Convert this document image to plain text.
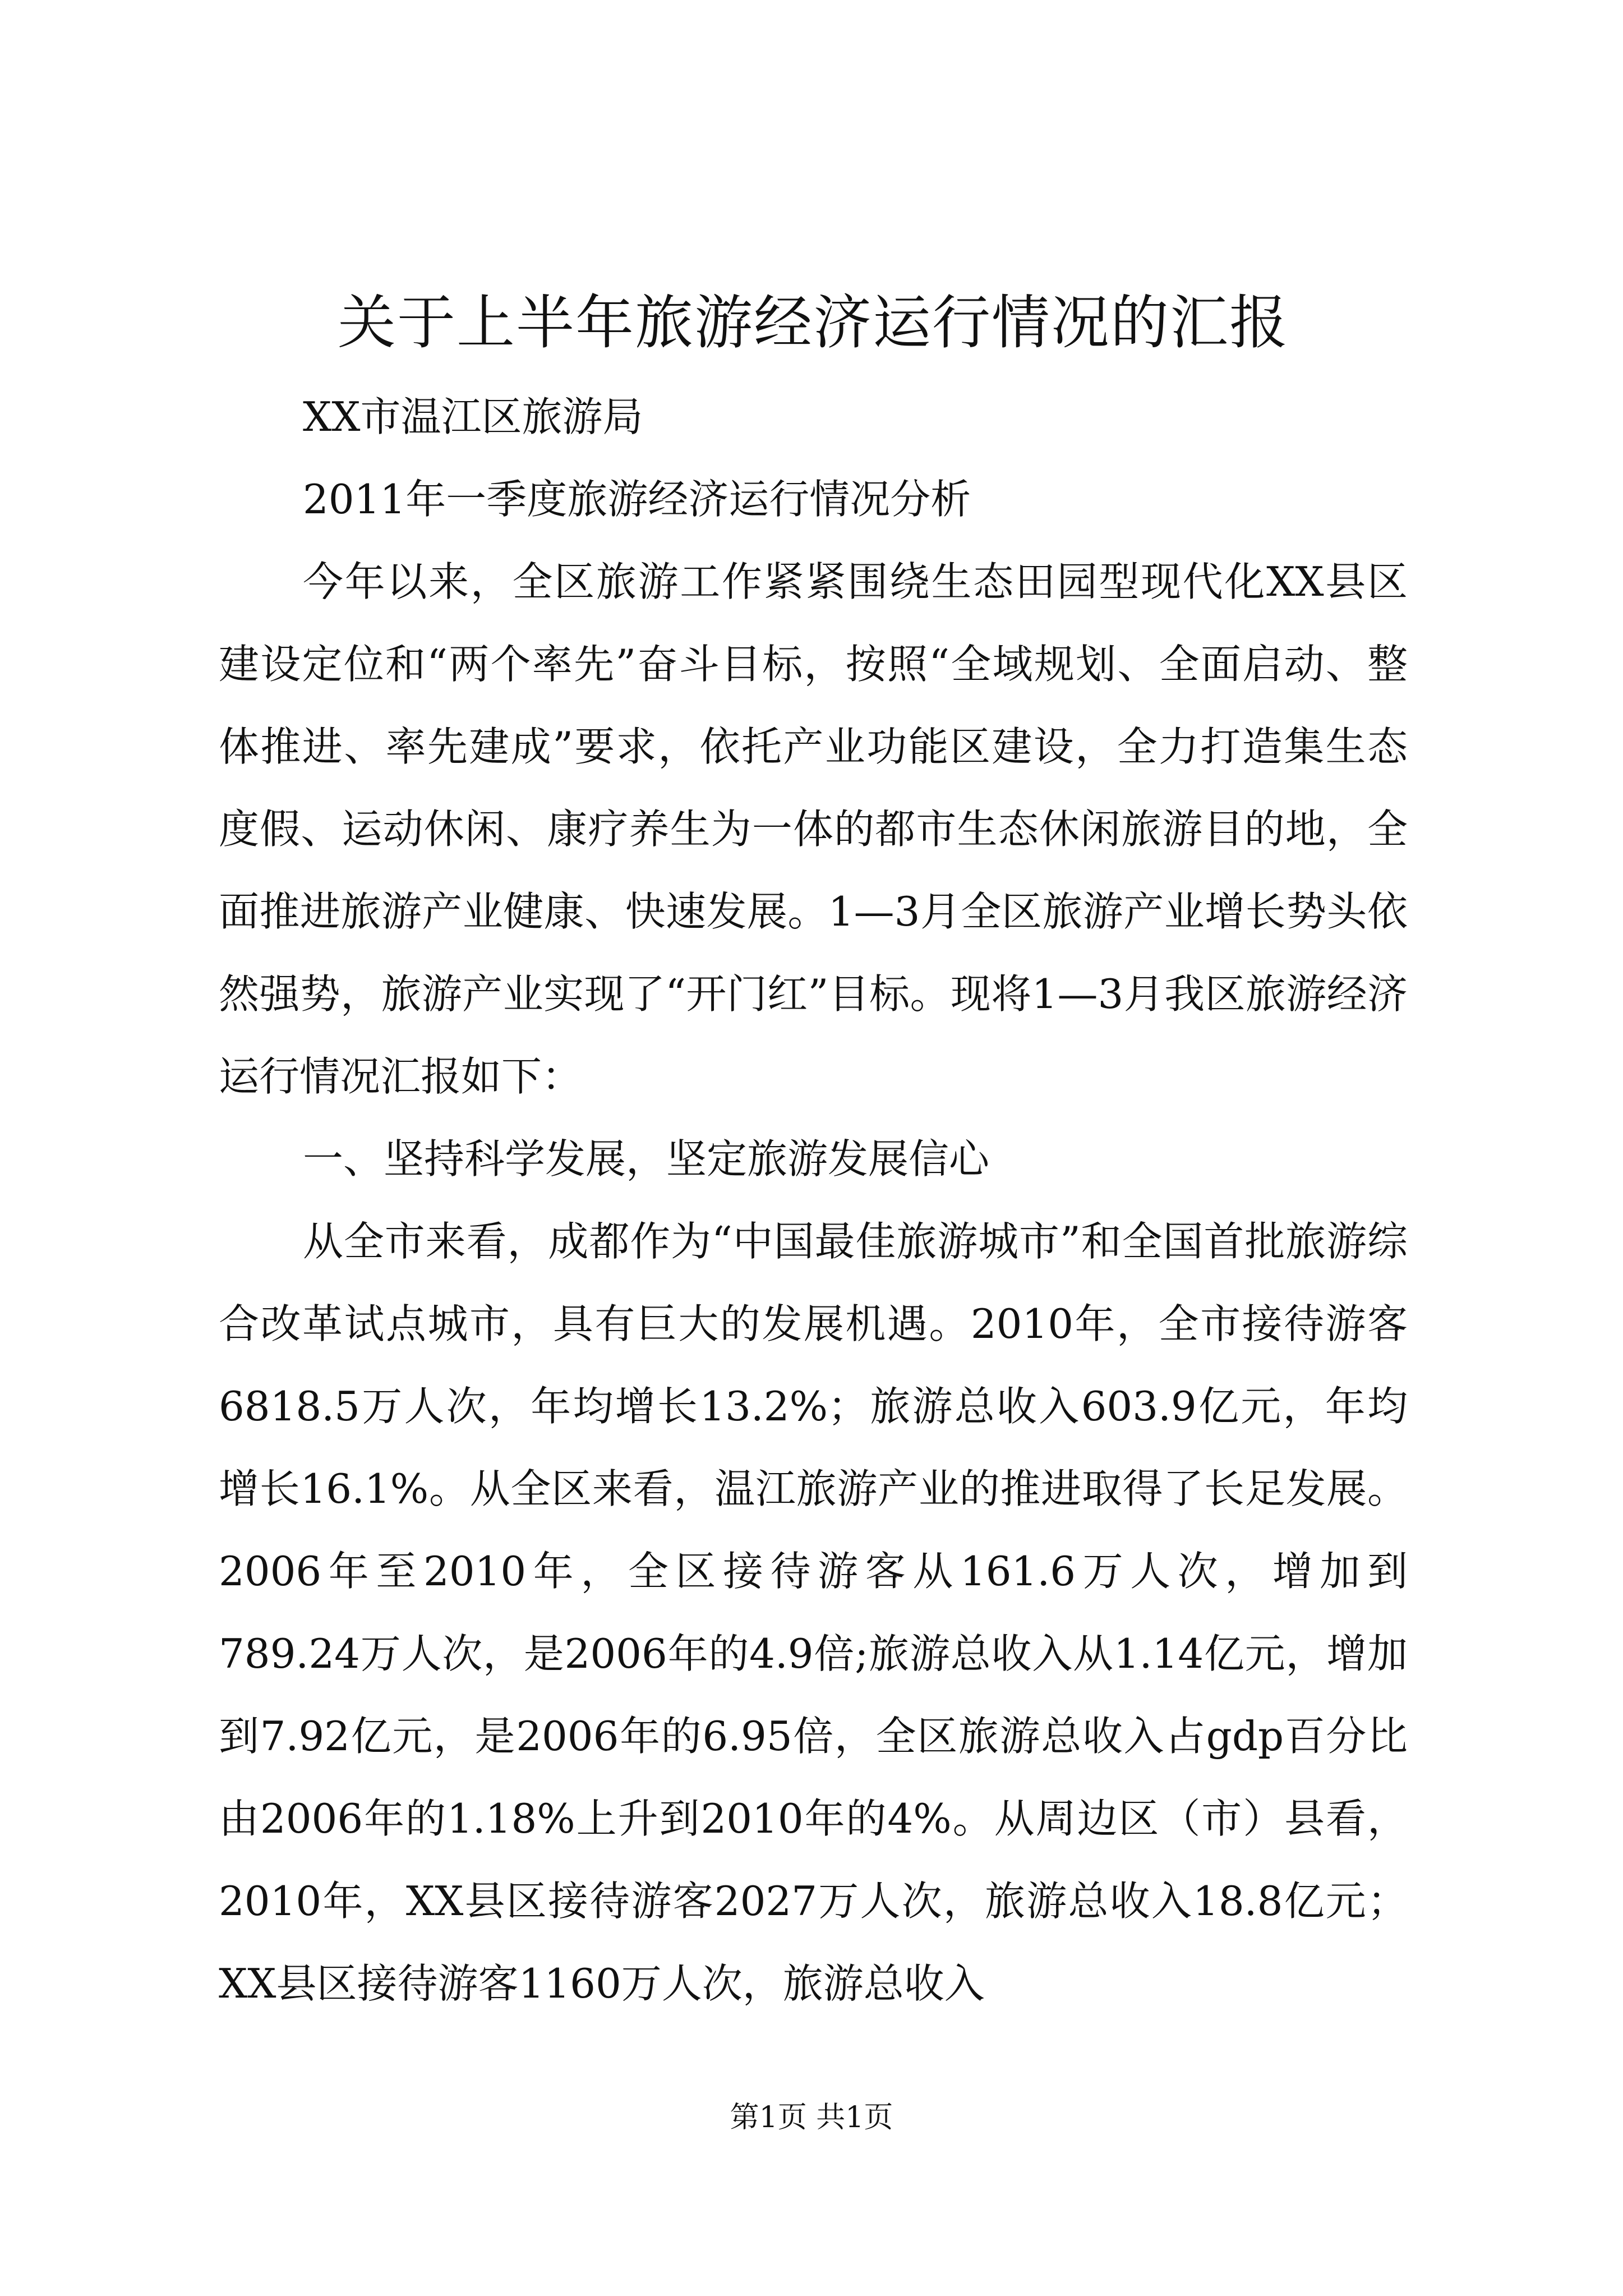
关于上半年旅游经济运行情况的汇报

XX市温江区旅游局

2011年一季度旅游经济运行情况分析

今年以来，全区旅游工作紧紧围绕生态田园型现代化XX县区建设定位和“两个率先”奋斗目标，按照“全域规划、全面启动、整体推进、率先建成”要求，依托产业功能区建设，全力打造集生态度假、运动休闲、康疗养生为一体的都市生态休闲旅游目的地，全面推进旅游产业健康、快速发展。1—3月全区旅游产业增长势头依然强势，旅游产业实现了“开门红”目标。现将1—3月我区旅游经济运行情况汇报如下：

一、坚持科学发展，坚定旅游发展信心

从全市来看，成都作为“中国最佳旅游城市”和全国首批旅游综合改革试点城市，具有巨大的发展机遇。2010年，全市接待游客6818.5万人次，年均增长13.2%；旅游总收入603.9亿元，年均增长16.1%。从全区来看，温江旅游产业的推进取得了长足发展。2006年至2010年，全区接待游客从161.6万人次，增加到789.24万人次，是2006年的4.9倍;旅游总收入从1.14亿元，增加到7.92亿元，是2006年的6.95倍，全区旅游总收入占gdp百分比由2006年的1.18%上升到2010年的4%。从周边区（市）县看，2010年，XX县区接待游客2027万人次，旅游总收入18.8亿元；XX县区接待游客1160万人次，旅游总收入

第1页 共1页
